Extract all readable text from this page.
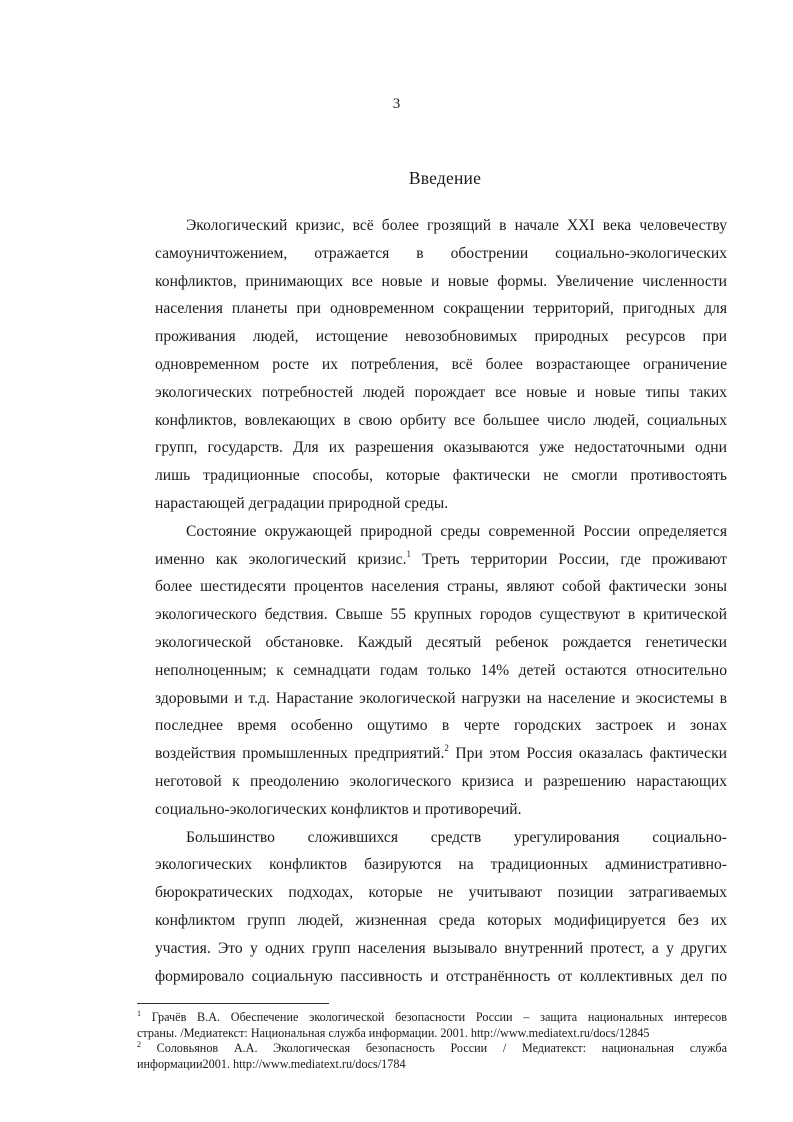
3
Введение
Экологический кризис, всё более грозящий в начале XXI века человечеству
самоуничтожением, отражается в обострении социально-экологических
конфликтов, принимающих все новые и новые формы. Увеличение численности
населения планеты при одновременном сокращении территорий, пригодных для
проживания людей, истощение невозобновимых природных ресурсов при
одновременном росте их потребления, всё более возрастающее ограничение
экологических потребностей людей порождает все новые и новые типы таких
конфликтов, вовлекающих в свою орбиту все большее число людей, социальных
групп, государств. Для их разрешения оказываются уже недостаточными одни
лишь традиционные способы, которые фактически не смогли противостоять
нарастающей деградации природной среды.
Состояние окружающей природной среды современной России определяется
именно как экологический кризис.$^1$ Треть территории России, где проживают
более шестидесяти процентов населения страны, являют собой фактически зоны
экологического бедствия. Свыше 55 крупных городов существуют в критической
экологической обстановке. Каждый десятый ребенок рождается генетически
неполноценным; к семнадцати годам только 14% детей остаются относительно
здоровыми и т.д. Нарастание экологической нагрузки на население и экосистемы в
последнее время особенно ощутимо в черте городских застроек и зонах
воздействия промышленных предприятий.$^2$ При этом Россия оказалась фактически
неготовой к преодолению экологического кризиса и разрешению нарастающих
социально-экологических конфликтов и противоречий.
Большинство сложившихся средств урегулирования социально-
экологических конфликтов базируются на традиционных административно-
бюрократических подходах, которые не учитывают позиции затрагиваемых
конфликтом групп людей, жизненная среда которых модифицируется без их
участия. Это у одних групп населения вызывало внутренний протест, а у других
формировало социальную пассивность и отстранённость от коллективных дел по
$^1$ Грачёв В.А. Обеспечение экологической безопасности России – защита национальных интересов
страны. /Медиатекст: Национальная служба информации. 2001. http://www.mediatext.ru/docs/12845
$^2$ Соловьянов А.А. Экологическая безопасность России / Медиатекст: национальная служба
информации2001. http://www.mediatext.ru/docs/1784
